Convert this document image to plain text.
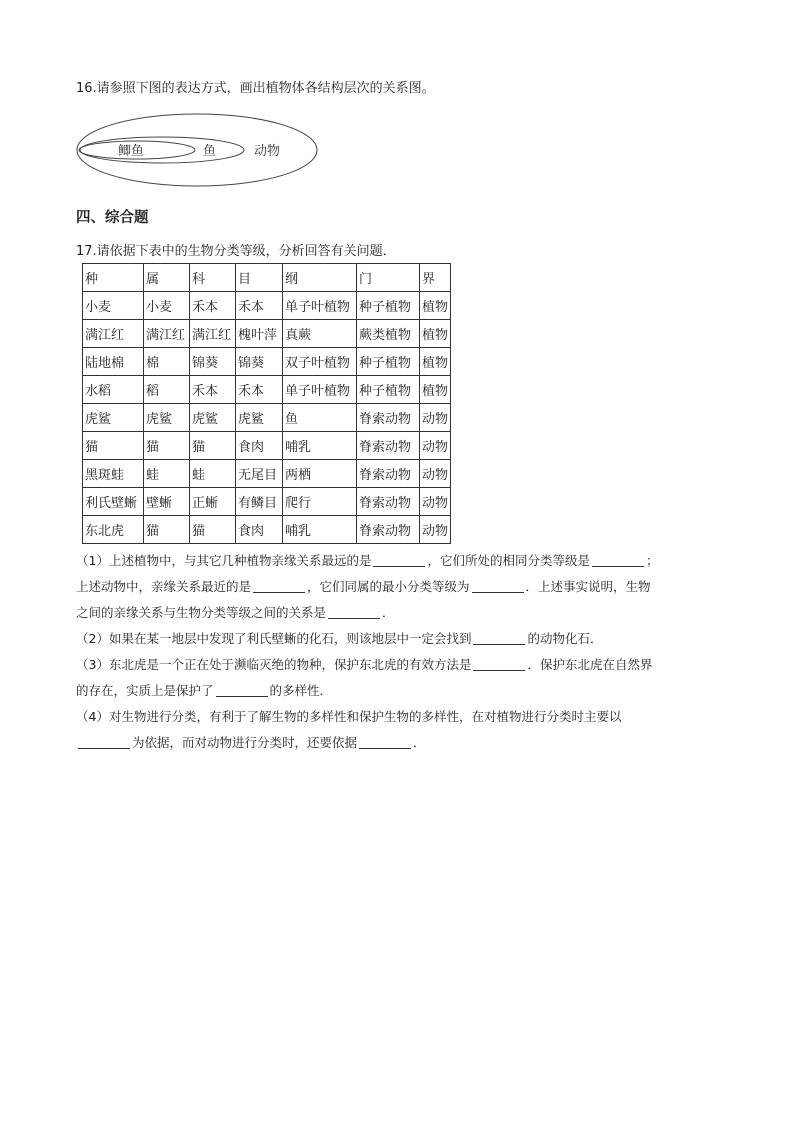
16.请参照下图的表达方式，画出植物体各结构层次的关系图。
鲫鱼	鱼	动物
四、综合题
17.请依据下表中的生物分类等级，分析回答有关问题．
种	属	科	目	纲	门	界
小麦	小麦	禾本	禾本	单子叶植物	种子植物	植物
满江红	满江红	满江红	槐叶萍	真蕨	蕨类植物	植物
陆地棉	棉	锦葵	锦葵	双子叶植物	种子植物	植物
水稻	稻	禾本	禾本	单子叶植物	种子植物	植物
虎鲨	虎鲨	虎鲨	虎鲨	鱼	脊索动物	动物
猫	猫	猫	食肉	哺乳	脊索动物	动物
黑斑蛙	蛙	蛙	无尾目	两栖	脊索动物	动物
利氏壁蜥	壁蜥	正蜥	有鳞目	爬行	脊索动物	动物
东北虎	猫	猫	食肉	哺乳	脊索动物	动物

（1）上述植物中，与其它几种植物亲缘关系最远的是	，它们所处的相同分类等级是	；
上述动物中，亲缘关系最近的是	，它们同属的最小分类等级为	．上述事实说明，生物
之间的亲缘关系与生物分类等级之间的关系是	．

（2）如果在某一地层中发现了利氏壁蜥的化石，则该地层中一定会找到	的动物化石．

（3）东北虎是一个正在处于濒临灭绝的物种，保护东北虎的有效方法是	．保护东北虎在自然界
的存在，实质上是保护了	的多样性．

（4）对生物进行分类，有利于了解生物的多样性和保护生物的多样性，在对植物进行分类时主要以
为依据，而对动物进行分类时，还要依据	．
